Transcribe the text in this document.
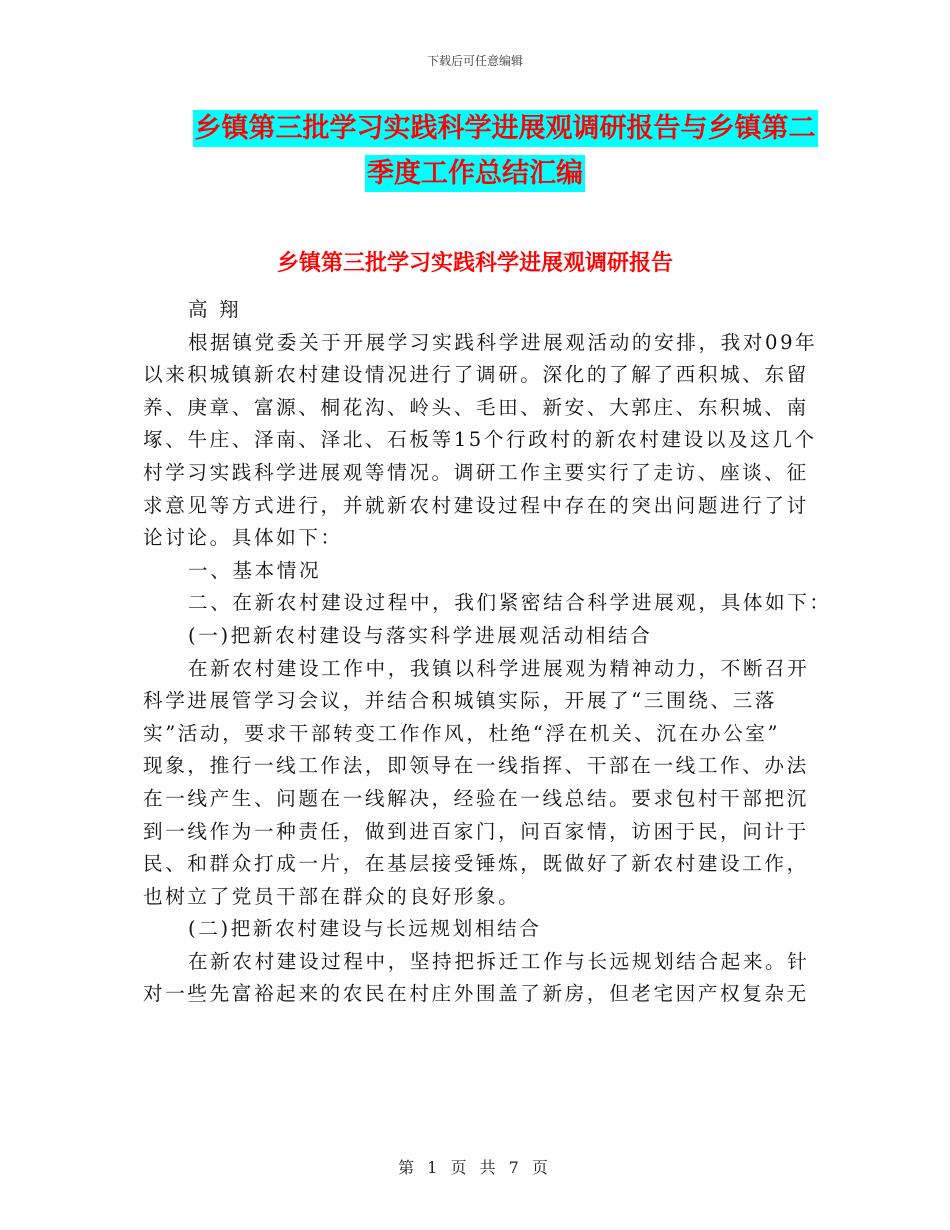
下载后可任意编辑
乡镇第三批学习实践科学进展观调研报告与乡镇第二
季度工作总结汇编
乡镇第三批学习实践科学进展观调研报告
高 翔
根据镇党委关于开展学习实践科学进展观活动的安排，我对09年
以来积城镇新农村建设情况进行了调研。深化的了解了西积城、东留
养、庚章、富源、桐花沟、岭头、毛田、新安、大郭庄、东积城、南
塚、牛庄、泽南、泽北、石板等15个行政村的新农村建设以及这几个
村学习实践科学进展观等情况。调研工作主要实行了走访、座谈、征
求意见等方式进行，并就新农村建设过程中存在的突出问题进行了讨
论讨论。具体如下：
一、基本情况
二、在新农村建设过程中，我们紧密结合科学进展观，具体如下：
(一)把新农村建设与落实科学进展观活动相结合
在新农村建设工作中，我镇以科学进展观为精神动力，不断召开
科学进展管学习会议，并结合积城镇实际，开展了“三围绕、三落
实”活动，要求干部转变工作作风，杜绝“浮在机关、沉在办公室”
现象，推行一线工作法，即领导在一线指挥、干部在一线工作、办法
在一线产生、问题在一线解决，经验在一线总结。要求包村干部把沉
到一线作为一种责任，做到进百家门，问百家情，访困于民，问计于
民、和群众打成一片，在基层接受锤炼，既做好了新农村建设工作，
也树立了党员干部在群众的良好形象。
(二)把新农村建设与长远规划相结合
在新农村建设过程中，坚持把拆迁工作与长远规划结合起来。针
对一些先富裕起来的农民在村庄外围盖了新房，但老宅因产权复杂无
第 1 页 共 7 页
